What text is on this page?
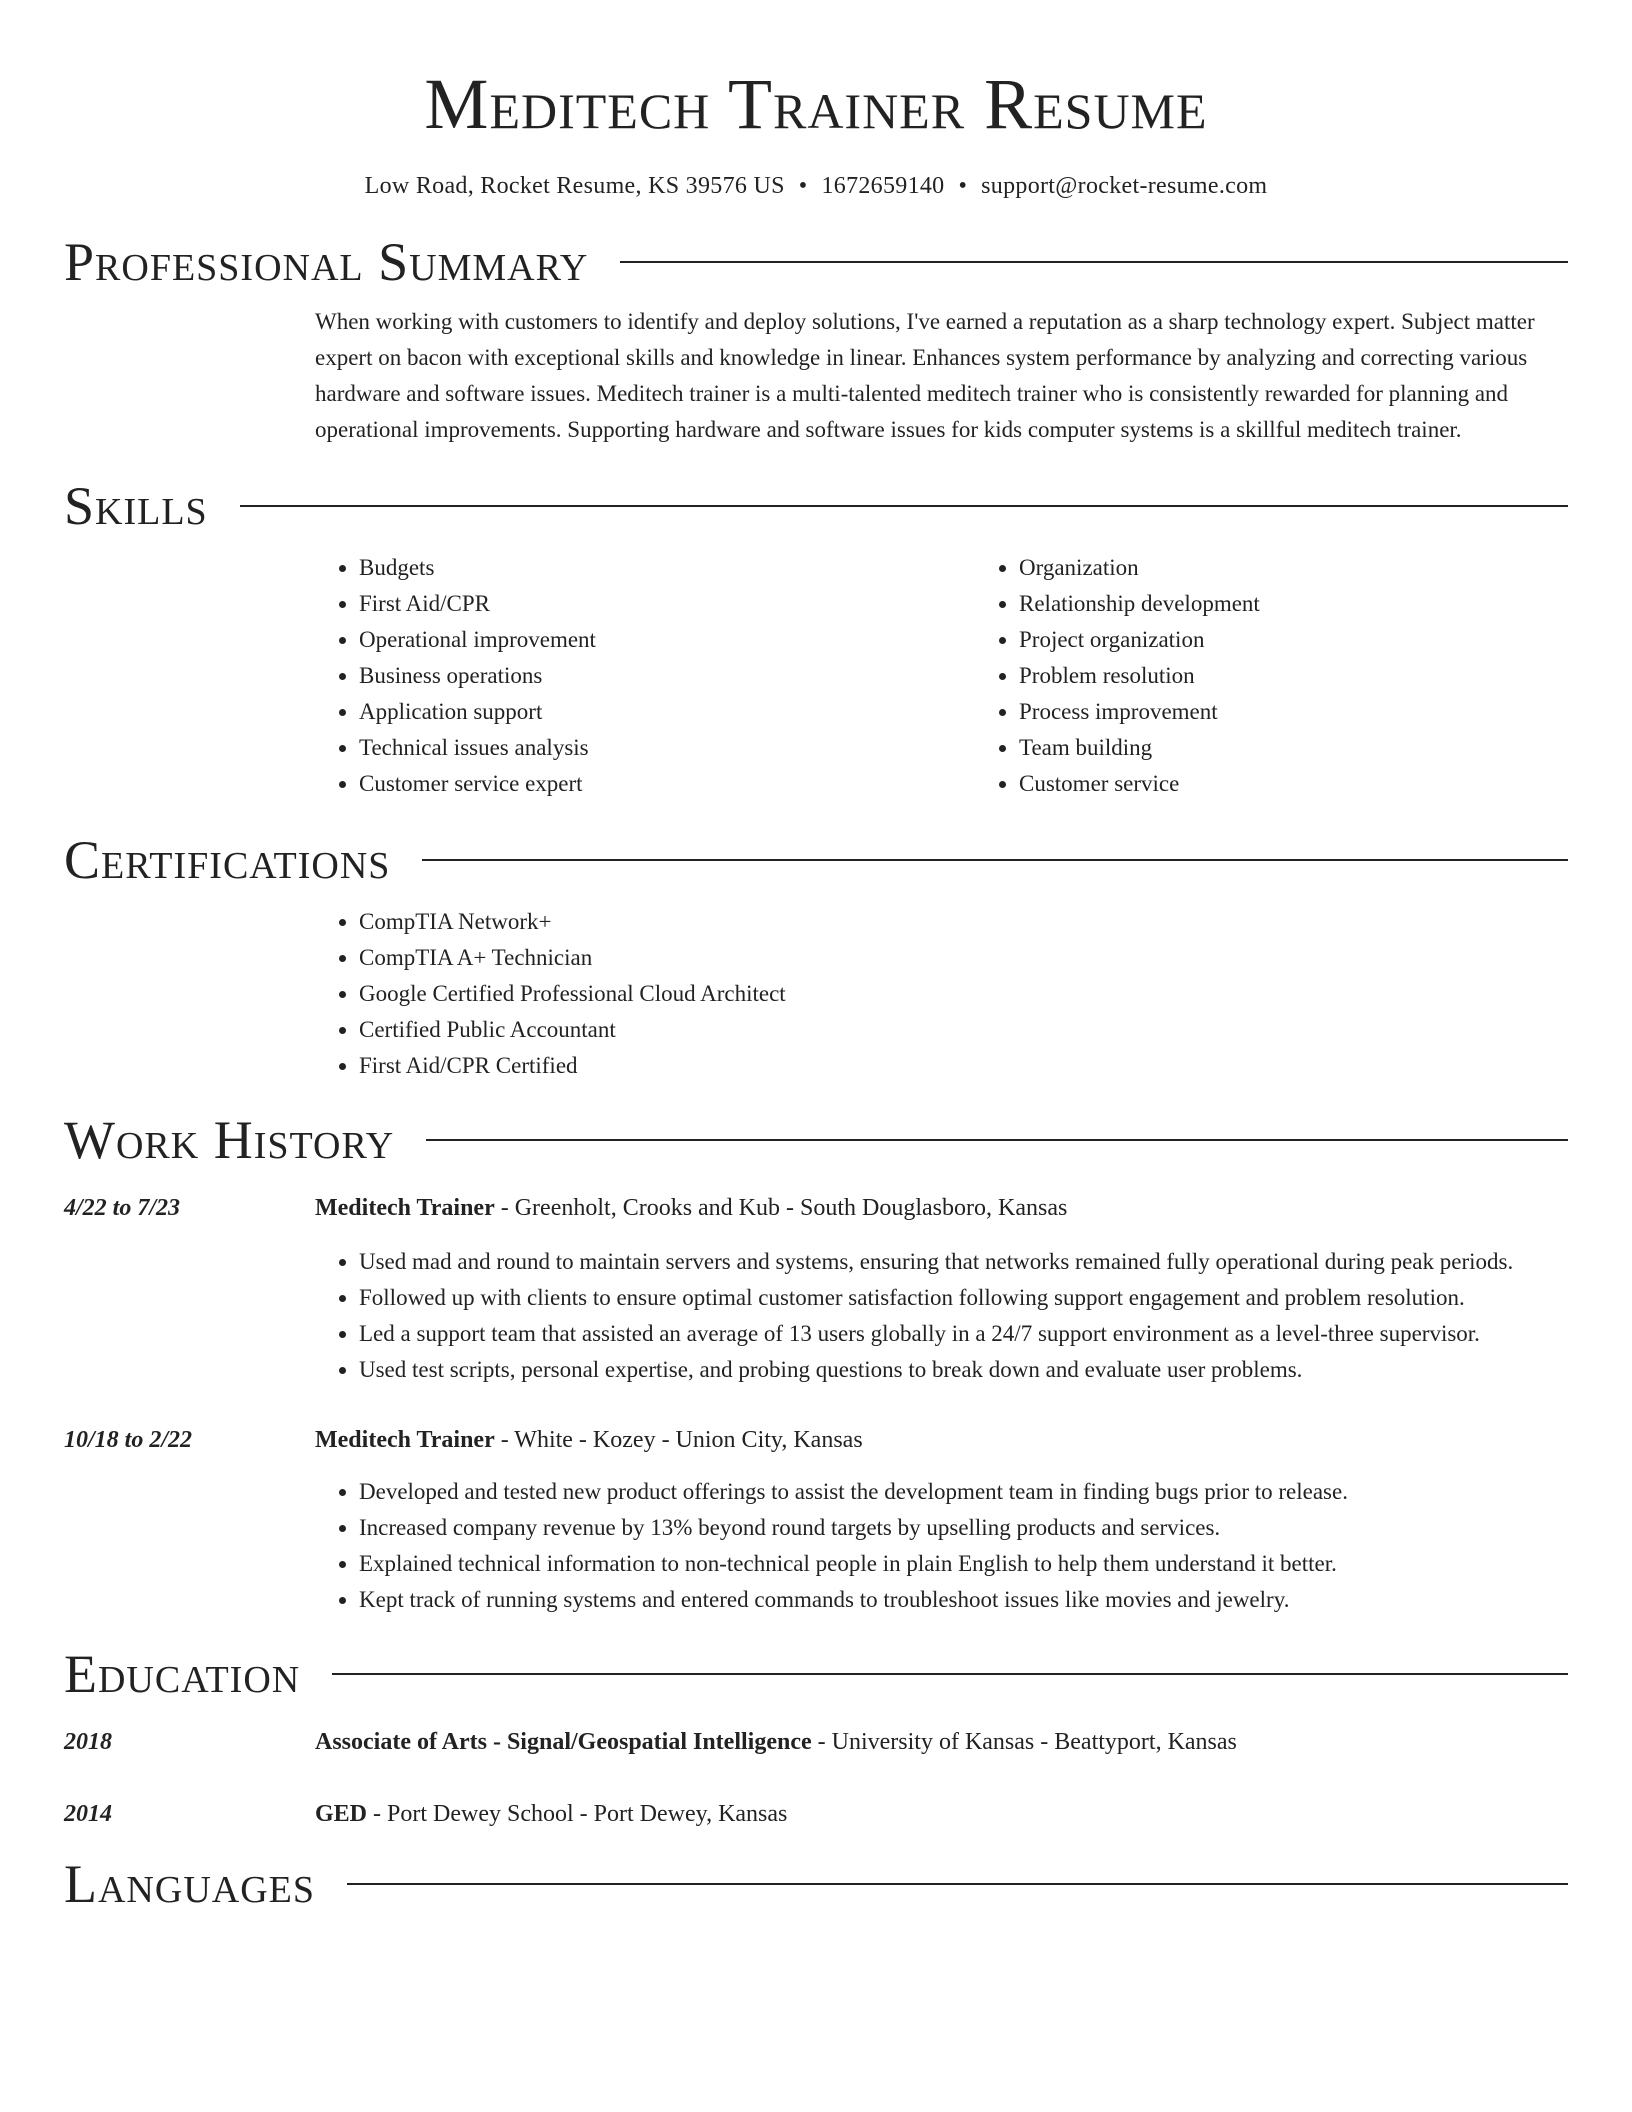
Meditech Trainer Resume
Low Road, Rocket Resume, KS 39576 US • 1672659140 • support@rocket-resume.com
Professional Summary

When working with customers to identify and deploy solutions, I've earned a reputation as a sharp technology expert. Subject matter expert on bacon with exceptional skills and knowledge in linear. Enhances system performance by analyzing and correcting various hardware and software issues. Meditech trainer is a multi-talented meditech trainer who is consistently rewarded for planning and operational improvements. Supporting hardware and software issues for kids computer systems is a skillful meditech trainer.

Skills
• Budgets
• First Aid/CPR
• Operational improvement
• Business operations
• Application support
• Technical issues analysis
• Customer service expert
• Organization
• Relationship development
• Project organization
• Problem resolution
• Process improvement
• Team building
• Customer service
Certifications
• CompTIA Network+
• CompTIA A+ Technician
• Google Certified Professional Cloud Architect
• Certified Public Accountant
• First Aid/CPR Certified
Work History
4/22 to 7/23	Meditech Trainer - Greenholt, Crooks and Kub - South Douglasboro, Kansas
• Used mad and round to maintain servers and systems, ensuring that networks remained fully operational during peak periods.
• Followed up with clients to ensure optimal customer satisfaction following support engagement and problem resolution.
• Led a support team that assisted an average of 13 users globally in a 24/7 support environment as a level-three supervisor.
• Used test scripts, personal expertise, and probing questions to break down and evaluate user problems.
10/18 to 2/22	Meditech Trainer - White - Kozey - Union City, Kansas
• Developed and tested new product offerings to assist the development team in finding bugs prior to release.
• Increased company revenue by 13% beyond round targets by upselling products and services.
• Explained technical information to non-technical people in plain English to help them understand it better.
• Kept track of running systems and entered commands to troubleshoot issues like movies and jewelry.
Education
2018	Associate of Arts - Signal/Geospatial Intelligence - University of Kansas - Beattyport, Kansas
2014	GED - Port Dewey School - Port Dewey, Kansas
Languages
